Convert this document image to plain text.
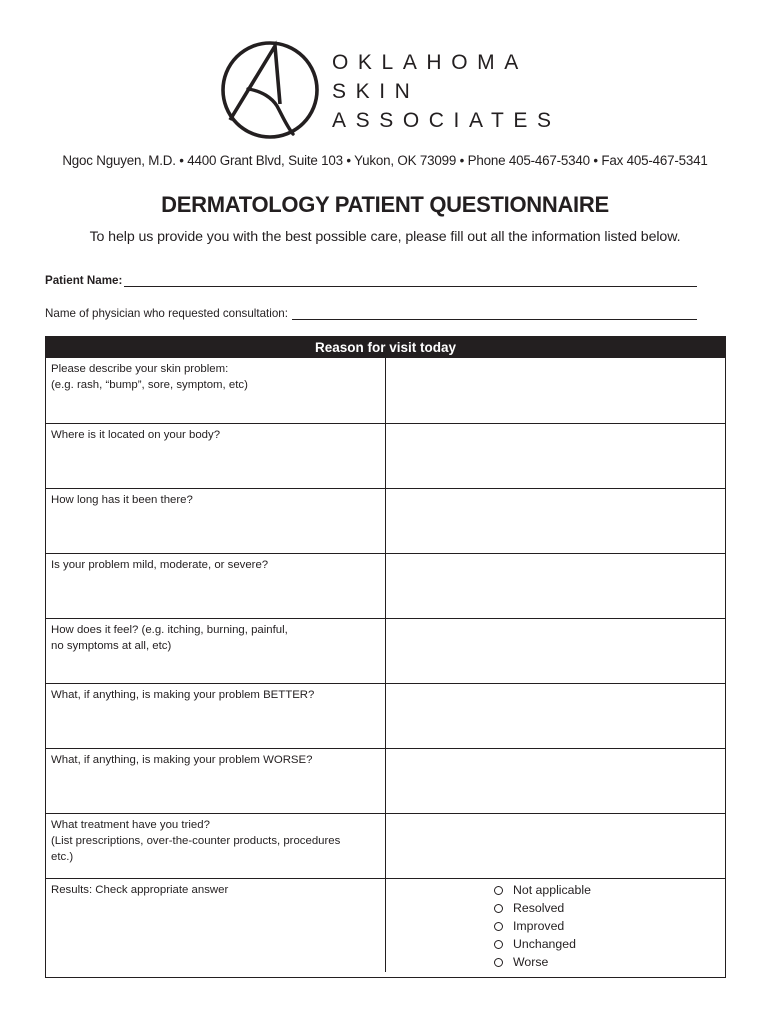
OKLAHOMA
SKIN
ASSOCIATES
Ngoc Nguyen, M.D. • 4400 Grant Blvd, Suite 103 • Yukon, OK 73099 • Phone 405-467-5340 • Fax 405-467-5341
DERMATOLOGY PATIENT QUESTIONNAIRE
To help us provide you with the best possible care, please fill out all the information listed below.
Patient Name:
Name of physician who requested consultation:
Reason for visit today
Please describe your skin problem:
(e.g. rash, “bump”, sore, symptom, etc)
Where is it located on your body?
How long has it been there?
Is your problem mild, moderate, or severe?
How does it feel? (e.g. itching, burning, painful,
no symptoms at all, etc)
What, if anything, is making your problem BETTER?
What, if anything, is making your problem WORSE?
What treatment have you tried?
(List prescriptions, over-the-counter products, procedures
etc.)
Results: Check appropriate answer	Not applicable
Resolved
Improved
Unchanged
Worse
